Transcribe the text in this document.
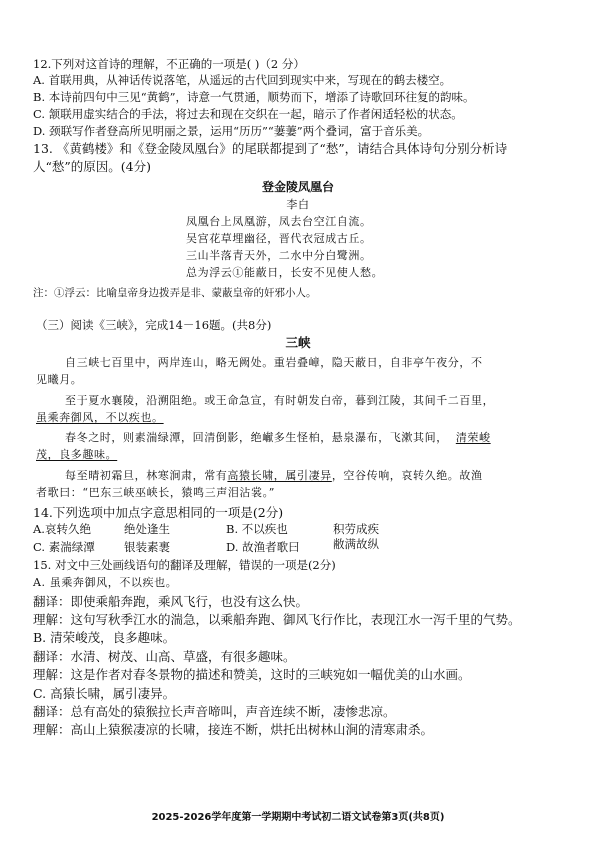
12.下列对这首诗的理解，不正确的一项是( )（2 分）
A. 首联用典，从神话传说落笔，从遥远的古代回到现实中来，写现在的鹤去楼空。
B. 本诗前四句中三见“黄鹤”，诗意一气贯通，顺势而下，增添了诗歌回环往复的韵味。
C. 颔联用虚实结合的手法，将过去和现在交织在一起，暗示了作者闲适轻松的状态。
D. 颈联写作者登高所见明丽之景，运用“历历”“萋萋”两个叠词，富于音乐美。
13. 《黄鹤楼》和《登金陵凤凰台》的尾联都提到了“愁”，请结合具体诗句分别分析诗
人“愁”的原因。(4分)
登金陵凤凰台
李白
凤凰台上凤凰游，凤去台空江自流。
吴宫花草埋幽径，晋代衣冠成古丘。
三山半落青天外，二水中分白鹭洲。
总为浮云①能蔽日，长安不见使人愁。
注：①浮云：比喻皇帝身边拨弄是非、蒙蔽皇帝的奸邪小人。
（三）阅读《三峡》，完成14－16题。(共8分)
三峡
自三峡七百里中，两岸连山，略无阙处。重岩叠嶂，隐天蔽日，自非亭午夜分，不
见曦月。
至于夏水襄陵，沿溯阻绝。或王命急宣，有时朝发白帝，暮到江陵，其间千二百里，
虽乘奔御风，不以疾也。
春冬之时，则素湍绿潭，回清倒影，绝𪩘多生怪柏，悬泉瀑布，飞漱其间， 清荣峻
茂，良多趣味。
每至晴初霜旦，林寒涧肃，常有高猿长啸，属引凄异，空谷传响，哀转久绝。故渔
者歌曰：“巴东三峡巫峡长，猿鸣三声泪沾裳。”
14.下列选项中加点字意思相同的一项是(2分)
A.哀转久绝	绝处逢生	B. 不以疾也	积劳成疾
C. 素湍绿潭	银装素裹	D. 故渔者歌曰	敝满故纵
15. 对文中三处画线语句的翻译及理解，错误的一项是(2分)
A. 虽乘奔御风，不以疾也。
翻译：即使乘船奔跑，乘风飞行，也没有这么快。
理解：这句写秋季江水的湍急，以乘船奔跑、御风飞行作比，表现江水一泻千里的气势。
B. 清荣峻茂，良多趣味。
翻译：水清、树茂、山高、草盛，有很多趣味。
理解：这是作者对春冬景物的描述和赞美，这时的三峡宛如一幅优美的山水画。
C. 高猿长啸，属引凄异。
翻译：总有高处的猿猴拉长声音啼叫，声音连续不断，凄惨悲凉。
理解：高山上猿猴凄凉的长啸，接连不断，烘托出树林山涧的清寒肃杀。
2025-2026学年度第一学期期中考试初二语文试卷第3页(共8页)
